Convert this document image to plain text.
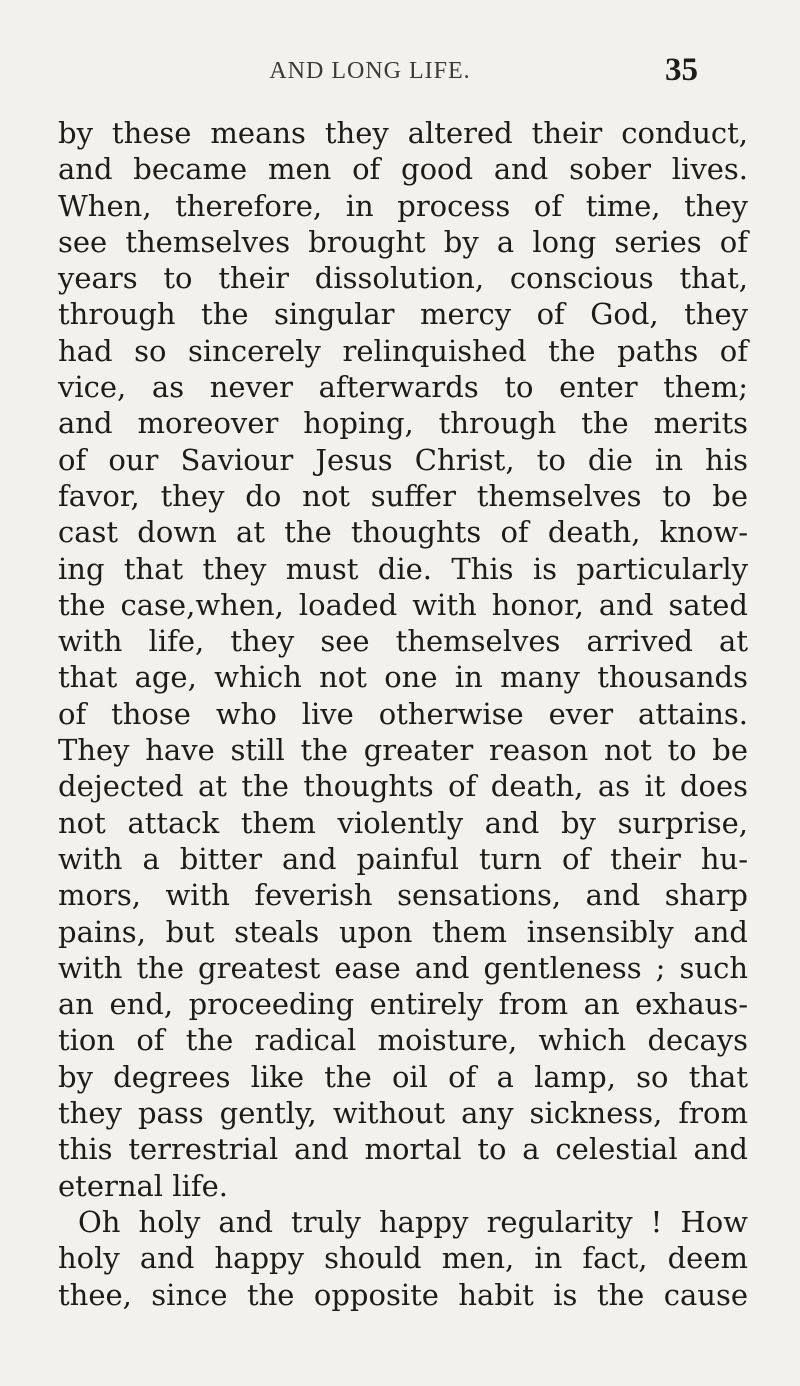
AND LONG LIFE.	35
by these means they altered their conduct,
and became men of good and sober lives.
When, therefore, in process of time, they
see themselves brought by a long series of
years to their dissolution, conscious that,
through the singular mercy of God, they
had so sincerely relinquished the paths of
vice, as never afterwards to enter them;
and moreover hoping, through the merits
of our Saviour Jesus Christ, to die in his
favor, they do not suffer themselves to be
cast down at the thoughts of death, know-
ing that they must die. This is particularly
the case,when, loaded with honor, and sated
with life, they see themselves arrived at
that age, which not one in many thousands
of those who live otherwise ever attains.
They have still the greater reason not to be
dejected at the thoughts of death, as it does
not attack them violently and by surprise,
with a bitter and painful turn of their hu-
mors, with feverish sensations, and sharp
pains, but steals upon them insensibly and
with the greatest ease and gentleness ; such
an end, proceeding entirely from an exhaus-
tion of the radical moisture, which decays
by degrees like the oil of a lamp, so that
they pass gently, without any sickness, from
this terrestrial and mortal to a celestial and
eternal life.
Oh holy and truly happy regularity ! How
holy and happy should men, in fact, deem
thee, since the opposite habit is the cause
